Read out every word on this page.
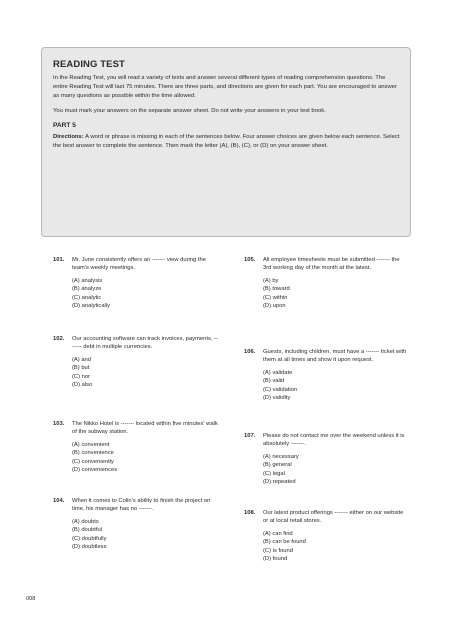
READING TEST

In the Reading Test, you will read a variety of texts and answer several different types of reading comprehension questions. The entire Reading Test will last 75 minutes. There are three parts, and directions are given for each part. You are encouraged to answer as many questions as possible within the time allowed.

You must mark your answers on the separate answer sheet. Do not write your answers in your test book.

PART 5

Directions: A word or phrase is missing in each of the sentences below. Four answer choices are given below each sentence. Select the best answer to complete the sentence. Then mark the letter (A), (B), (C), or (D) on your answer sheet.

101.	Mr. June consistently offers an ------- view during the team's weekly meetings.
(A) analysis
(B) analyze
(C) analytic
(D) analytically
102.	Our accounting software can track invoices, payments, ------- debt in multiple currencies.
(A) and
(B) but
(C) nor
(D) also
103.	The Nikko Hotel is ------- located within five minutes' walk of the subway station.
(A) convenient
(B) convenience
(C) conveniently
(D) conveniences
104.	When it comes to Colin's ability to finish the project on time, his manager has no -------.
(A) doubts
(B) doubtful
(C) doubtfully
(D) doubtless
105.	All employee timesheets must be submitted ------- the 3rd working day of the month at the latest.
(A) by
(B) toward
(C) within
(D) upon
106.	Guests, including children, must have a ------- ticket with them at all times and show it upon request.
(A) validate
(B) valid
(C) validation
(D) validity
107.	Please do not contact me over the weekend unless it is absolutely -------.
(A) necessary
(B) general
(C) legal
(D) repeated
108.	Our latest product offerings ------- either on our website or at local retail stores.
(A) can find
(B) can be found
(C) is found
(D) found
008
